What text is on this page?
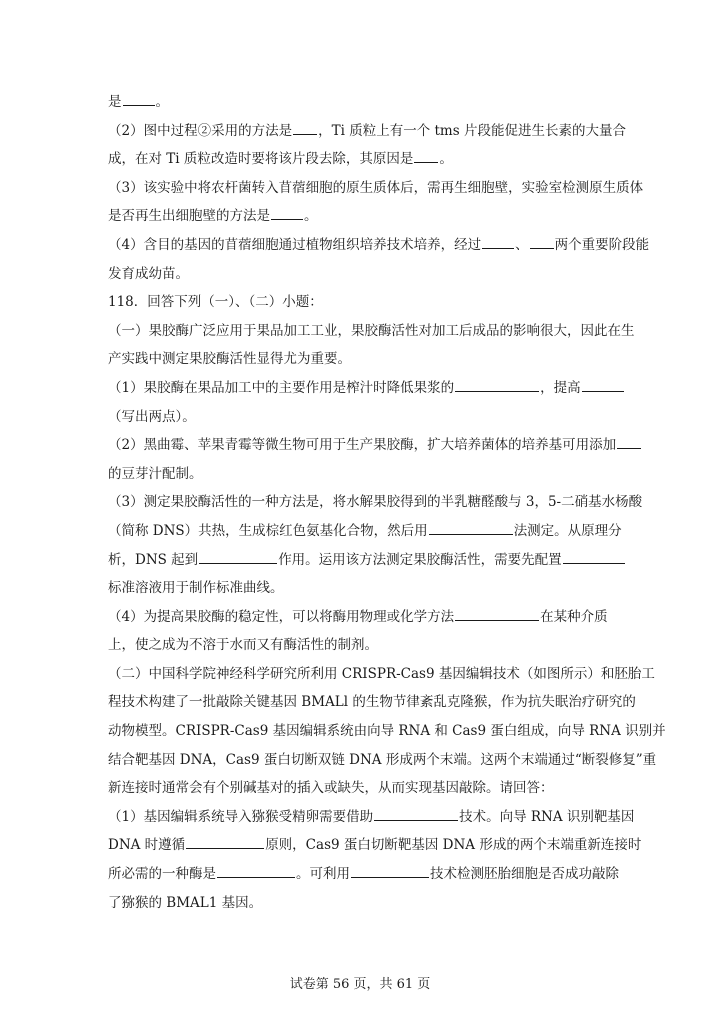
是	。
（2）图中过程②采用的方法是 ，Ti 质粒上有一个 tms 片段能促进生长素的大量合
成，在对 Ti 质粒改造时要将该片段去除，其原因是 。
（3）该实验中将农杆菌转入苜蓿细胞的原生质体后，需再生细胞壁，实验室检测原生质体
是否再生出细胞壁的方法是	。
（4）含目的基因的苜蓿细胞通过植物组织培养技术培养，经过	、 两个重要阶段能
发育成幼苗。
118．回答下列（一）、（二）小题：
（一）果胶酶广泛应用于果品加工工业，果胶酶活性对加工后成品的影响很大，因此在生
产实践中测定果胶酶活性显得尤为重要。
（1）果胶酶在果品加工中的主要作用是榨汁时降低果浆的	，提高
（写出两点）。
（2）黑曲霉、苹果青霉等微生物可用于生产果胶酶，扩大培养菌体的培养基可用添加
的豆芽汁配制。
（3）测定果胶酶活性的一种方法是，将水解果胶得到的半乳糖醛酸与 3，5-二硝基水杨酸
（简称 DNS）共热，生成棕红色氨基化合物，然后用	法测定。从原理分
析，DNS 起到	作用。运用该方法测定果胶酶活性，需要先配置
标准溶液用于制作标准曲线。
（4）为提高果胶酶的稳定性，可以将酶用物理或化学方法	在某种介质
上，使之成为不溶于水而又有酶活性的制剂。
（二）中国科学院神经科学研究所利用 CRISPR-Cas9 基因编辑技术（如图所示）和胚胎工
程技术构建了一批敲除关键基因 BMALl 的生物节律紊乱克隆猴，作为抗失眠治疗研究的
动物模型。CRISPR-Cas9 基因编辑系统由向导 RNA 和 Cas9 蛋白组成，向导 RNA 识别并
结合靶基因 DNA，Cas9 蛋白切断双链 DNA 形成两个末端。这两个末端通过“断裂修复”重
新连接时通常会有个别碱基对的插入或缺失，从而实现基因敲除。请回答：
（1）基因编辑系统导入猕猴受精卵需要借助	技术。向导 RNA 识别靶基因
DNA 时遵循	原则，Cas9 蛋白切断靶基因 DNA 形成的两个末端重新连接时
所必需的一种酶是	。可利用	技术检测胚胎细胞是否成功敲除
了猕猴的 BMAL1 基因。
试卷第 56 页，共 61 页
